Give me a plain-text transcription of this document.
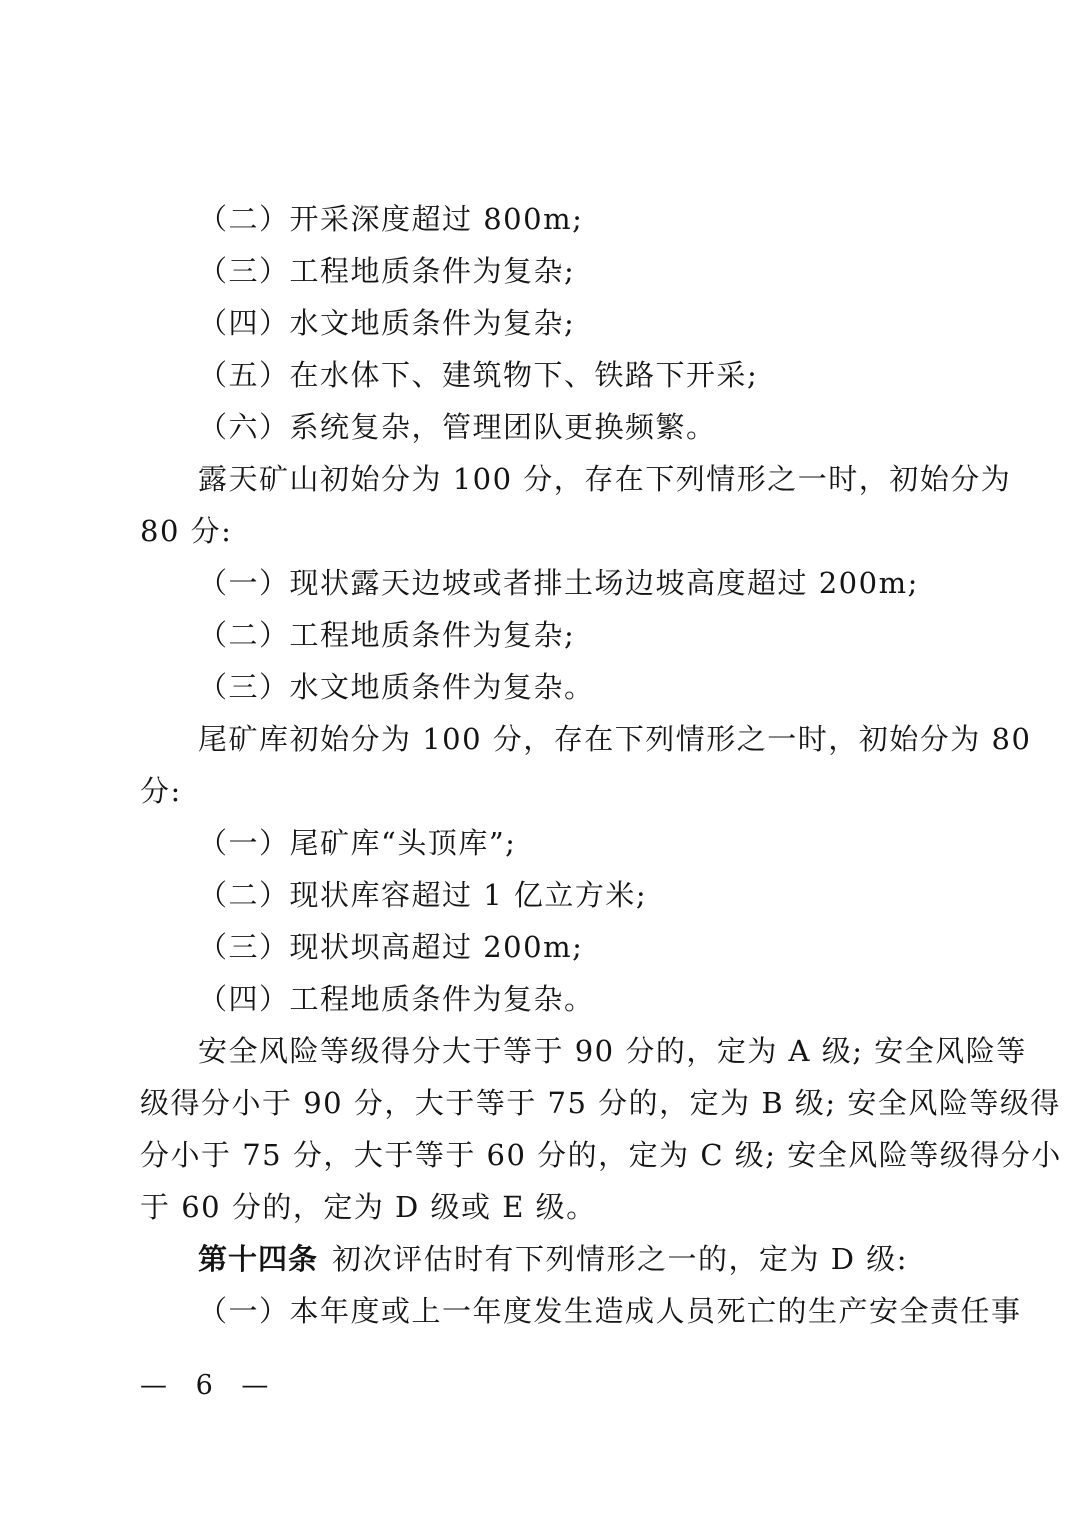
（二）开采深度超过 800m;
（三）工程地质条件为复杂;
（四）水文地质条件为复杂;
（五）在水体下、建筑物下、铁路下开采;
（六）系统复杂，管理团队更换频繁。
露天矿山初始分为 100 分，存在下列情形之一时，初始分为
80 分:
（一）现状露天边坡或者排土场边坡高度超过 200m;
（二）工程地质条件为复杂;
（三）水文地质条件为复杂。
尾矿库初始分为 100 分，存在下列情形之一时，初始分为 80
分:
（一）尾矿库“头顶库”;
（二）现状库容超过 1 亿立方米;
（三）现状坝高超过 200m;
（四）工程地质条件为复杂。
安全风险等级得分大于等于 90 分的，定为 A 级; 安全风险等
级得分小于 90 分，大于等于 75 分的，定为 B 级; 安全风险等级得
分小于 75 分，大于等于 60 分的，定为 C 级; 安全风险等级得分小
于 60 分的，定为 D 级或 E 级。
第十四条 初次评估时有下列情形之一的，定为 D 级:
（一）本年度或上一年度发生造成人员死亡的生产安全责任事
— 6 —
